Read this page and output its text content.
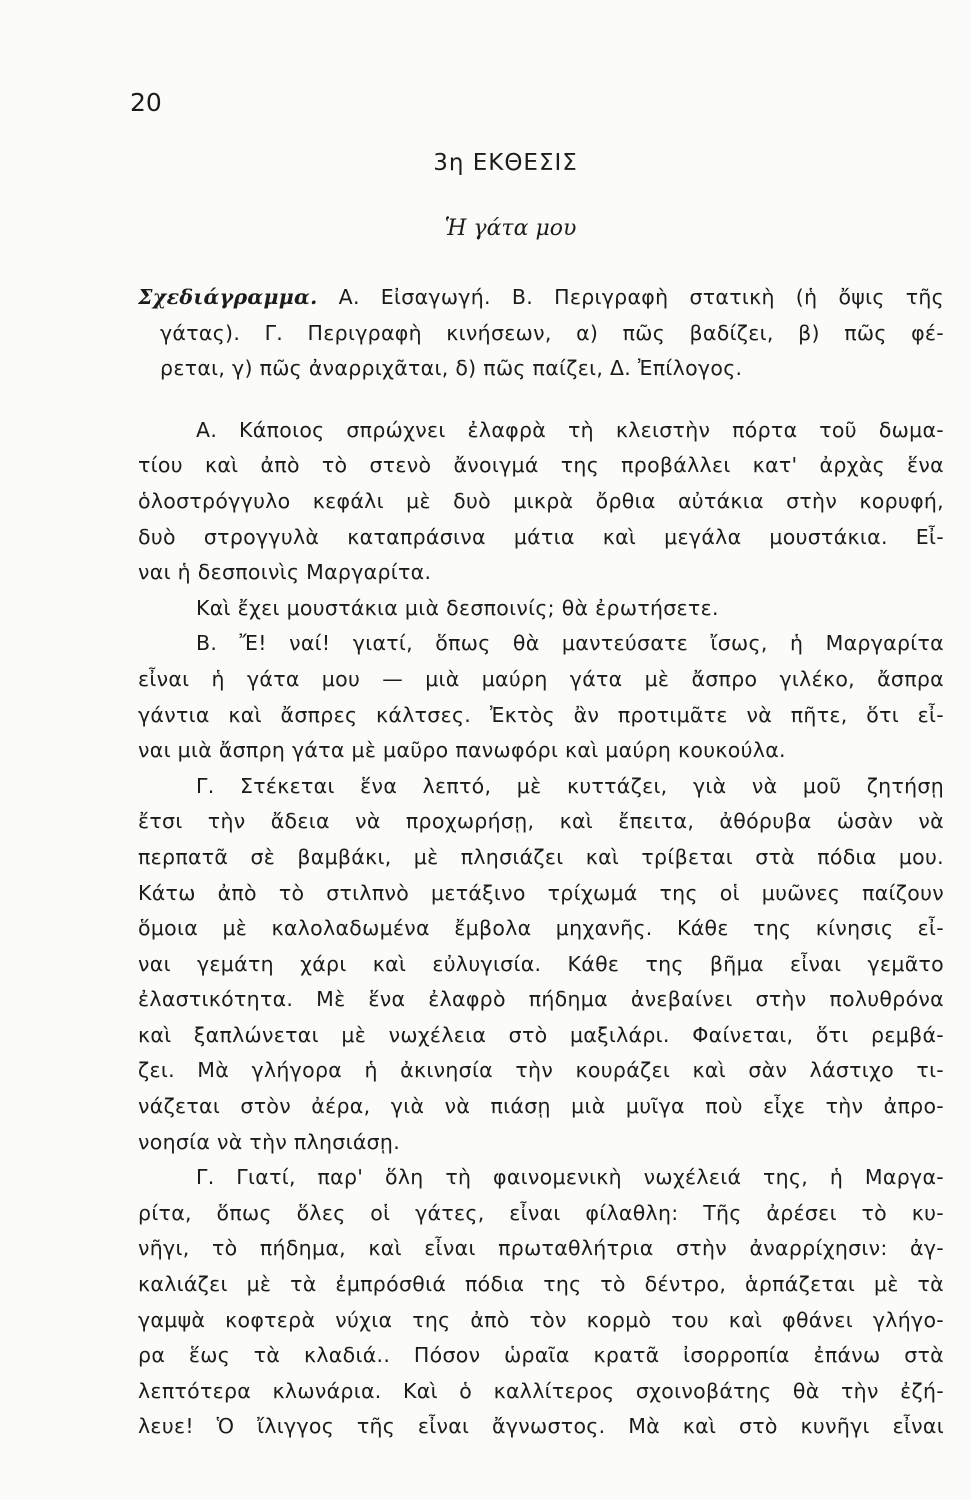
20
3η ΕΚΘΕΣΙΣ
Ἡ γάτα μου
Σχεδιάγραμμα. Α. Εἰσαγωγή. Β. Περιγραφὴ στατικὴ (ἡ ὄψις τῆς
γάτας). Γ. Περιγραφὴ κινήσεων, α) πῶς βαδίζει, β) πῶς φέ-
ρεται, γ) πῶς ἀναρριχᾶται, δ) πῶς παίζει, Δ. Ἐπίλογος.
Α. Κάποιος σπρώχνει ἐλαφρὰ τὴ κλειστὴν πόρτα τοῦ δωμα-
τίου καὶ ἀπὸ τὸ στενὸ ἄνοιγμά της προβάλλει κατ' ἀρχὰς ἕνα
ὁλοστρόγγυλο κεφάλι μὲ δυὸ μικρὰ ὄρθια αὐτάκια στὴν κορυφή,
δυὸ στρογγυλὰ καταπράσινα μάτια καὶ μεγάλα μουστάκια. Εἶ-
ναι ἡ δεσποινὶς Μαργαρίτα.
Καὶ ἔχει μουστάκια μιὰ δεσποινίς; θὰ ἐρωτήσετε.
Β. Ἔ! ναί! γιατί, ὅπως θὰ μαντεύσατε ἴσως, ἡ Μαργαρίτα
εἶναι ἡ γάτα μου — μιὰ μαύρη γάτα μὲ ἄσπρο γιλέκο, ἄσπρα
γάντια καὶ ἄσπρες κάλτσες. Ἐκτὸς ἂν προτιμᾶτε νὰ πῆτε, ὅτι εἶ-
ναι μιὰ ἄσπρη γάτα μὲ μαῦρο πανωφόρι καὶ μαύρη κουκούλα.
Γ. Στέκεται ἕνα λεπτό, μὲ κυττάζει, γιὰ νὰ μοῦ ζητήσῃ
ἔτσι τὴν ἄδεια νὰ προχωρήσῃ, καὶ ἔπειτα, ἀθόρυβα ὡσὰν νὰ
περπατᾶ σὲ βαμβάκι, μὲ πλησιάζει καὶ τρίβεται στὰ πόδια μου.
Κάτω ἀπὸ τὸ στιλπνὸ μετάξινο τρίχωμά της οἱ μυῶνες παίζουν
ὅμοια μὲ καλολαδωμένα ἔμβολα μηχανῆς. Κάθε της κίνησις εἶ-
ναι γεμάτη χάρι καὶ εὐλυγισία. Κάθε της βῆμα εἶναι γεμᾶτο
ἐλαστικότητα. Μὲ ἕνα ἐλαφρὸ πήδημα ἀνεβαίνει στὴν πολυθρόνα
καὶ ξαπλώνεται μὲ νωχέλεια στὸ μαξιλάρι. Φαίνεται, ὅτι ρεμβά-
ζει. Μὰ γλήγορα ἡ ἀκινησία τὴν κουράζει καὶ σὰν λάστιχο τι-
νάζεται στὸν ἀέρα, γιὰ νὰ πιάσῃ μιὰ μυῖγα ποὺ εἶχε τὴν ἀπρο-
νοησία νὰ τὴν πλησιάσῃ.
Γ. Γιατί, παρ' ὅλη τὴ φαινομενικὴ νωχέλειά της, ἡ Μαργα-
ρίτα, ὅπως ὅλες οἱ γάτες, εἶναι φίλαθλη: Τῆς ἀρέσει τὸ κυ-
νῆγι, τὸ πήδημα, καὶ εἶναι πρωταθλήτρια στὴν ἀναρρίχησιν: ἀγ-
καλιάζει μὲ τὰ ἐμπρόσθιά πόδια της τὸ δέντρο, ἁρπάζεται μὲ τὰ
γαμψὰ κοφτερὰ νύχια της ἀπὸ τὸν κορμὸ του καὶ φθάνει γλήγο-
ρα ἕως τὰ κλαδιά.. Πόσον ὡραῖα κρατᾶ ἰσορροπία ἐπάνω στὰ
λεπτότερα κλωνάρια. Καὶ ὁ καλλίτερος σχοινοβάτης θὰ τὴν ἐζή-
λευε! Ὁ ἴλιγγος τῆς εἶναι ἄγνωστος. Μὰ καὶ στὸ κυνῆγι εἶναι
